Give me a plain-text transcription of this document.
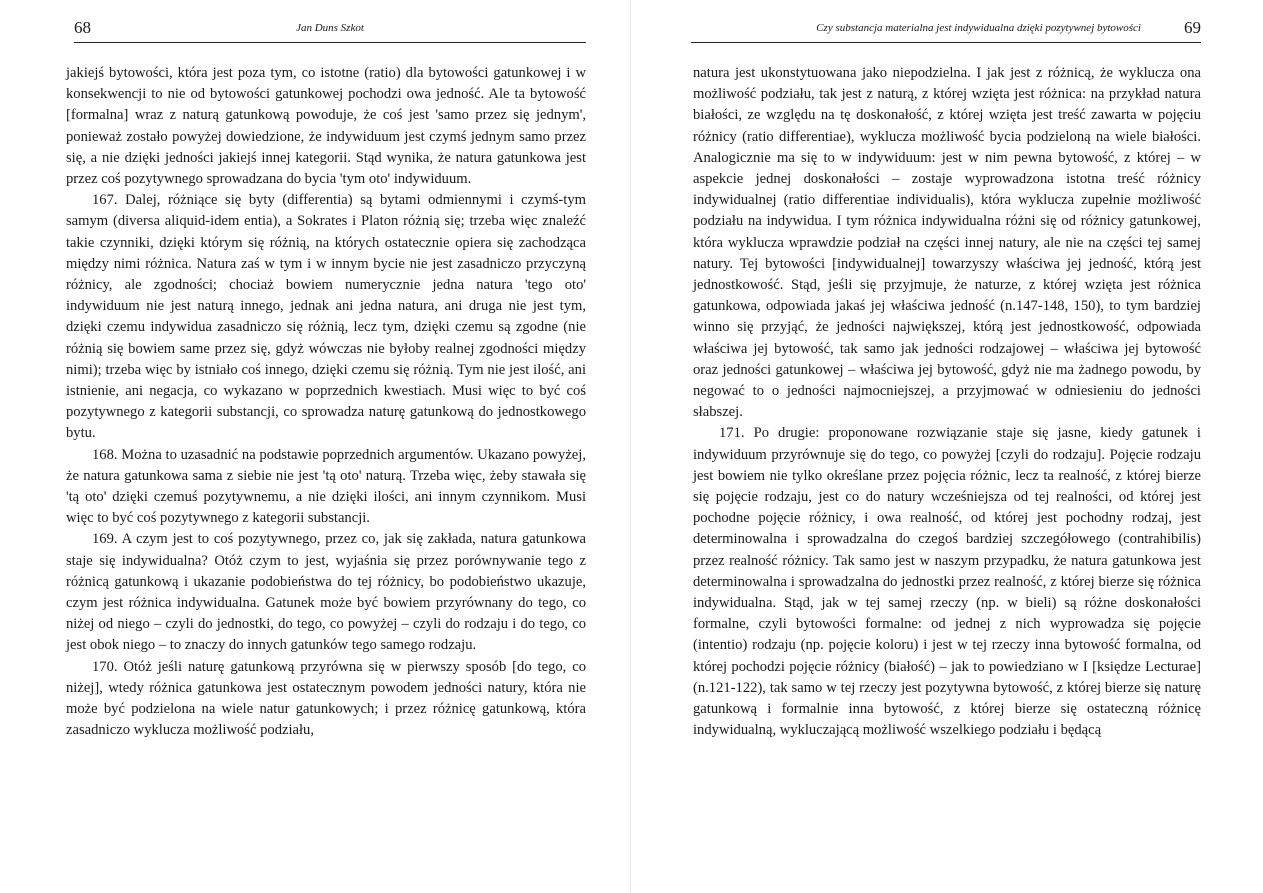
68	Jan Duns Szkot

jakiejś bytowości, która jest poza tym, co istotne (ratio) dla bytowości gatunkowej i w konsekwencji to nie od bytowości gatunkowej pochodzi owa jedność. Ale ta bytowość [formalna] wraz z naturą gatunkową powoduje, że coś jest 'samo przez się jednym', ponieważ zostało powyżej dowiedzione, że indywiduum jest czymś jednym samo przez się, a nie dzięki jedności jakiejś innej kategorii. Stąd wynika, że natura gatunkowa jest przez coś pozytywnego sprowadzana do bycia 'tym oto' indywiduum.

167. Dalej, różniące się byty (differentia) są bytami odmiennymi i czymś-tym samym (diversa aliquid-idem entia), a Sokrates i Platon różnią się; trzeba więc znaleźć takie czynniki, dzięki którym się różnią, na których ostatecznie opiera się zachodząca między nimi różnica. Natura zaś w tym i w innym bycie nie jest zasadniczo przyczyną różnicy, ale zgodności; chociaż bowiem numerycznie jedna natura 'tego oto' indywiduum nie jest naturą innego, jednak ani jedna natura, ani druga nie jest tym, dzięki czemu indywidua zasadniczo się różnią, lecz tym, dzięki czemu są zgodne (nie różnią się bowiem same przez się, gdyż wówczas nie byłoby realnej zgodności między nimi); trzeba więc by istniało coś innego, dzięki czemu się różnią. Tym nie jest ilość, ani istnienie, ani negacja, co wykazano w poprzednich kwestiach. Musi więc to być coś pozytywnego z kategorii substancji, co sprowadza naturę gatunkową do jednostkowego bytu.

168. Można to uzasadnić na podstawie poprzednich argumentów. Ukazano powyżej, że natura gatunkowa sama z siebie nie jest 'tą oto' naturą. Trzeba więc, żeby stawała się 'tą oto' dzięki czemuś pozytywnemu, a nie dzięki ilości, ani innym czynnikom. Musi więc to być coś pozytywnego z kategorii substancji.

169. A czym jest to coś pozytywnego, przez co, jak się zakłada, natura gatunkowa staje się indywidualna? Otóż czym to jest, wyjaśnia się przez porównywanie tego z różnicą gatunkową i ukazanie podobieństwa do tej różnicy, bo podobieństwo ukazuje, czym jest różnica indywidualna. Gatunek może być bowiem przyrównany do tego, co niżej od niego – czyli do jednostki, do tego, co powyżej – czyli do rodzaju i do tego, co jest obok niego – to znaczy do innych gatunków tego samego rodzaju.

170. Otóż jeśli naturę gatunkową przyrówna się w pierwszy sposób [do tego, co niżej], wtedy różnica gatunkowa jest ostatecznym powodem jedności natury, która nie może być podzielona na wiele natur gatunkowych; i przez różnicę gatunkową, która zasadniczo wyklucza możliwość podziału,

Czy substancja materialna jest indywidualna dzięki pozytywnej bytowości	69

natura jest ukonstytuowana jako niepodzielna. I jak jest z różnicą, że wyklucza ona możliwość podziału, tak jest z naturą, z której wzięta jest różnica: na przykład natura białości, ze względu na tę doskonałość, z której wzięta jest treść zawarta w pojęciu różnicy (ratio differentiae), wyklucza możliwość bycia podzieloną na wiele białości. Analogicznie ma się to w indywiduum: jest w nim pewna bytowość, z której – w aspekcie jednej doskonałości – zostaje wyprowadzona istotna treść różnicy indywidualnej (ratio differentiae individualis), która wyklucza zupełnie możliwość podziału na indywidua. I tym różnica indywidualna różni się od różnicy gatunkowej, która wyklucza wprawdzie podział na części innej natury, ale nie na części tej samej natury. Tej bytowości [indywidualnej] towarzyszy właściwa jej jedność, którą jest jednostkowość. Stąd, jeśli się przyjmuje, że naturze, z której wzięta jest różnica gatunkowa, odpowiada jakaś jej właściwa jedność (n.147-148, 150), to tym bardziej winno się przyjąć, że jedności największej, którą jest jednostkowość, odpowiada właściwa jej bytowość, tak samo jak jedności rodzajowej – właściwa jej bytowość oraz jedności gatunkowej – właściwa jej bytowość, gdyż nie ma żadnego powodu, by negować to o jedności najmocniejszej, a przyjmować w odniesieniu do jedności słabszej.

171. Po drugie: proponowane rozwiązanie staje się jasne, kiedy gatunek i indywiduum przyrównuje się do tego, co powyżej [czyli do rodzaju]. Pojęcie rodzaju jest bowiem nie tylko określane przez pojęcia różnic, lecz ta realność, z której bierze się pojęcie rodzaju, jest co do natury wcześniejsza od tej realności, od której jest pochodne pojęcie różnicy, i owa realność, od której jest pochodny rodzaj, jest determinowalna i sprowadzalna do czegoś bardziej szczegółowego (contrahibilis) przez realność różnicy. Tak samo jest w naszym przypadku, że natura gatunkowa jest determinowalna i sprowadzalna do jednostki przez realność, z której bierze się różnica indywidualna. Stąd, jak w tej samej rzeczy (np. w bieli) są różne doskonałości formalne, czyli bytowości formalne: od jednej z nich wyprowadza się pojęcie (intentio) rodzaju (np. pojęcie koloru) i jest w tej rzeczy inna bytowość formalna, od której pochodzi pojęcie różnicy (białość) – jak to powiedziano w I [księdze Lecturae] (n.121-122), tak samo w tej rzeczy jest pozytywna bytowość, z której bierze się naturę gatunkową i formalnie inna bytowość, z której bierze się ostateczną różnicę indywidualną, wykluczającą możliwość wszelkiego podziału i będącą
